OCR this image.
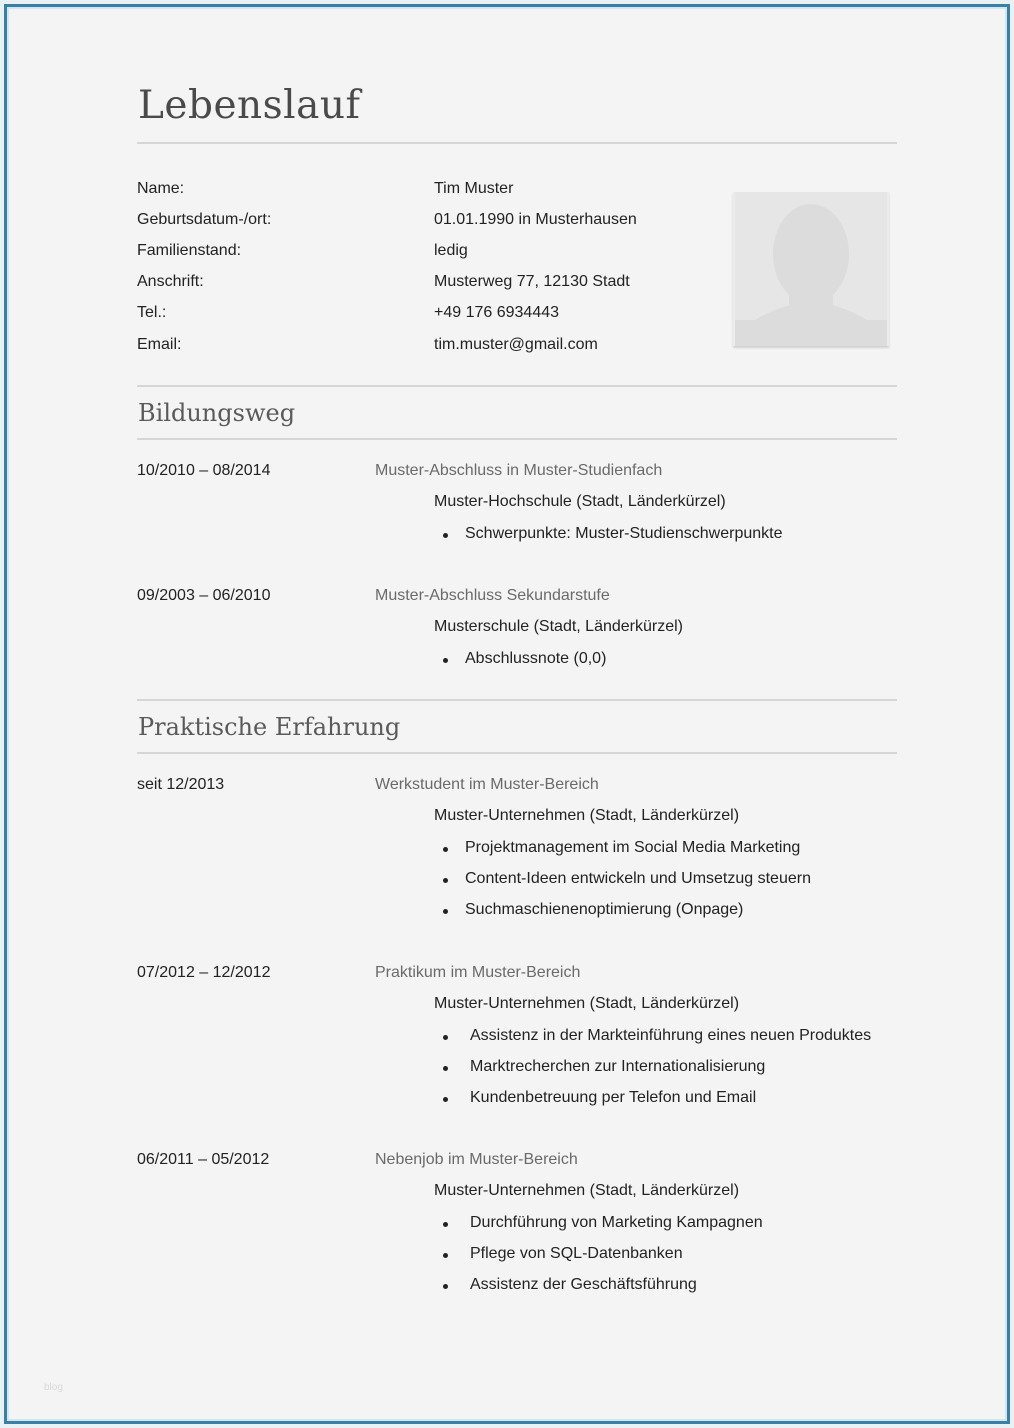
Lebenslauf
Name:	Tim Muster
Geburtsdatum-/ort:	01.01.1990 in Musterhausen
Familienstand:	ledig
Anschrift:	Musterweg 77, 12130 Stadt
Tel.:	+49 176 6934443
Email:	tim.muster@gmail.com
Bildungsweg
10/2010 – 08/2014	Muster-Abschluss in Muster-Studienfach
Muster-Hochschule (Stadt, Länderkürzel)
Schwerpunkte: Muster-Studienschwerpunkte
09/2003 – 06/2010	Muster-Abschluss Sekundarstufe
Musterschule (Stadt, Länderkürzel)
Abschlussnote (0,0)
Praktische Erfahrung
seit 12/2013	Werkstudent im Muster-Bereich
Muster-Unternehmen (Stadt, Länderkürzel)
Projektmanagement im Social Media Marketing
Content-Ideen entwickeln und Umsetzug steuern
Suchmaschienenoptimierung (Onpage)
07/2012 – 12/2012	Praktikum im Muster-Bereich
Muster-Unternehmen (Stadt, Länderkürzel)
Assistenz in der Markteinführung eines neuen Produktes
Marktrecherchen zur Internationalisierung
Kundenbetreuung per Telefon und Email
06/2011 – 05/2012	Nebenjob im Muster-Bereich
Muster-Unternehmen (Stadt, Länderkürzel)
Durchführung von Marketing Kampagnen
Pflege von SQL-Datenbanken
Assistenz der Geschäftsführung
blog
